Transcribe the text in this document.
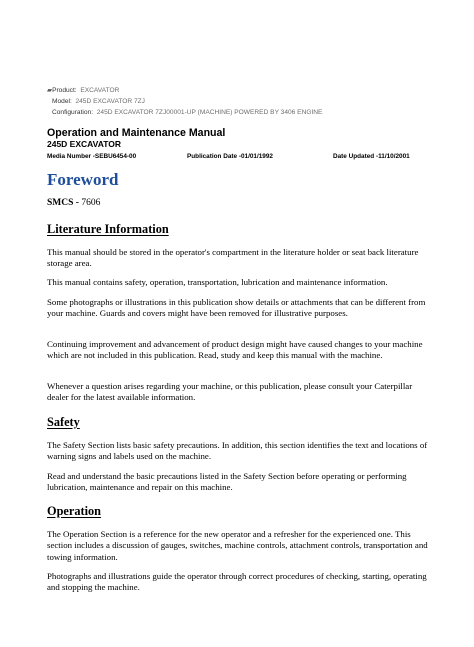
▰Product: EXCAVATOR
Model: 245D EXCAVATOR 7ZJ
Configuration: 245D EXCAVATOR 7ZJ00001-UP (MACHINE) POWERED BY 3406 ENGINE
Operation and Maintenance Manual
245D EXCAVATOR
Media Number -SEBU6454-00	Publication Date -01/01/1992	Date Updated -11/10/2001
Foreword
SMCS - 7606
Literature Information
This manual should be stored in the operator's compartment in the literature holder or seat back literature storage area.
This manual contains safety, operation, transportation, lubrication and maintenance information.
Some photographs or illustrations in this publication show details or attachments that can be different from your machine. Guards and covers might have been removed for illustrative purposes.
Continuing improvement and advancement of product design might have caused changes to your machine which are not included in this publication. Read, study and keep this manual with the machine.
Whenever a question arises regarding your machine, or this publication, please consult your Caterpillar dealer for the latest available information.
Safety
The Safety Section lists basic safety precautions. In addition, this section identifies the text and locations of warning signs and labels used on the machine.
Read and understand the basic precautions listed in the Safety Section before operating or performing lubrication, maintenance and repair on this machine.
Operation
The Operation Section is a reference for the new operator and a refresher for the experienced one. This section includes a discussion of gauges, switches, machine controls, attachment controls, transportation and towing information.
Photographs and illustrations guide the operator through correct procedures of checking, starting, operating and stopping the machine.
